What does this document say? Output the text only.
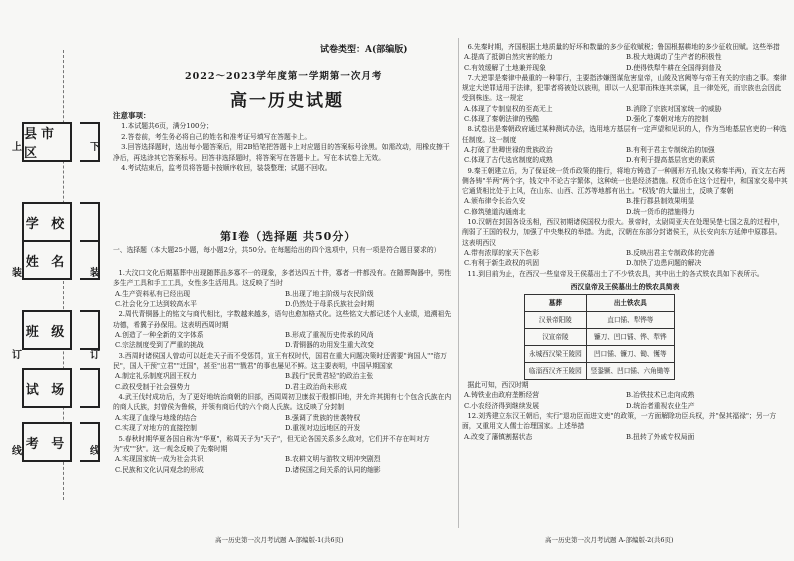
上	下
装	装
订	订
线	线
县市区
学 校
姓 名
班 级
试 场
考 号
试卷类型：A(部编版)
2022～2023学年度第一学期第一次月考
高一历史试题
注意事项：

1.本试题共6页，满分100分；

2.答卷前，考生务必将自己的姓名和准考证号填写在答题卡上。

3.回答选择题时，选出每小题答案后，用2B铅笔把答题卡上对应题目的答案标号涂黑。如需改动，用橡皮擦干净后，再选涂其它答案标号。回答非选择题时，将答案写在答题卡上。写在本试卷上无效。

4.考试结束后，监考员将答题卡按顺序收回，装袋整理；试题不回收。

第Ⅰ卷（选择题 共50分）
一、选择题（本大题25小题，每小题2分，共50分。在每题给出的四个选项中，只有一项是符合题目要求的）

1.大汶口文化后期墓葬中出现随葬品多寡不一的现象，多者达四五十件，寡者一件都没有。在随葬陶器中，男性多生产工具和手工工具，女性多生活用具。这反映了当时

A.生产资料私有已经出现	B.出现了地主阶级与农民阶级
C.社会化分工达到较高水平	D.仍然处于母系氏族社会时期

2.周代青铜器上的铭文与商代相比，字数越来越多，语句也愈加格式化。这些铭文大都记述个人业绩，追溯祖先功德，希冀子孙保用。这表明西周时期

A.创造了一种全新的文字体系	B.形成了重视历史传承的风尚
C.宗法制度受到了严重的挑战	D.青铜器的功用发生重大改变

3.西周时诸侯国人曾动可以赶走天子而不受惩罚，宣王有权时代，国君在重大问题决策时还需要"询国人""谘万民"，国人干预"立君""迁国"，甚至"出君""戮君"的事也屡见不鲜。这主要表明，中国早期国家

A.制定礼乐制度巩固王权力	B.践行"民贵君轻"的政治主张
C.政权受制于社会强势力	D.君主政治尚未形成

4.武王伐纣成功后，为了更好地统治商朝的旧部，西周周初卫康叔于殷都旧地，并允许其拥有七个包含氏族在内的商人氏族，封曾侯为鲁候，并领有商后代的六个商人氏族。这反映了分封制

A.实现了血缘与地缘的结合	B.强调了贵族的世袭特权
C.实现了对地方的直接控制	D.重视对边远地区的开发

5.春秋时期华夏各国自称为"华夏"，称周天子为"天子"，但无论各国关系多么敌对，它们并不存在叫对方为"戎""狄"。这一观念反映了先秦时期

A.实现国家统一成为社会共识	B.农耕文明与游牧文明冲突剧烈
C.民族和文化认同观念的形成	D.诸侯国之间关系的认同的缩影

6.先秦时期，齐国根据土地质量的好坏和数量的多少征收赋税；鲁国根据耕地的多少征收田赋。这些举措

A.提高了抵御自然灾害的能力	B.极大地调动了生产者的积极性
C.有效缓解了土地兼并现象	D.使得铁犁牛耕在全国得到普及

7.大逆罪是秦律中最重的一种罪行，主要指涉嫌图谋危害皇帝，山陵及宫阙等与帝王有关的宗庙之事。秦律规定大逆罪适用于法律，犯罪者将被处以族刑，即以一人犯罪而株连其亲属，且一律处死，而宗族也会因此受到株连。这一规定

A.体现了专制皇权的至高无上	B.消除了宗族对国家统一的威胁
C.体现了秦朝法律的残酷	D.强化了秦朝对地方的控制

8.试卷出是秦朝政府通过某种测试办法，选用地方基层有一定声望和见识的人，作为当地基层官吏的一种选任制度。这一制度

A.打破了世卿世禄的贵族政治	B.有利于君主专制统治的加强
C.体现了古代选官制度的成熟	D.有利于提高基层官吏的素质

9.秦王朝建立后，为了保证统一货币政策的推行，将地方铸造了一种圆形方孔钱(又称秦半两)，而文左右两侧各铸"半两"两个字，钱文中不论古字繁体，这种统一也是经济措施。权货币在这个过程中，和国家交易中其它通货相比处于上风，在山东、山西、江苏等地都有出土。"权钱"的大量出土，反映了秦朝

A.颁布律令长治久安	B.推行郡县制效果明显
C.修筑驰道沟通南北	D.统一货币的措施得力

10.汉朝在封国各设丞相，西汉初期诸侯国权力很大。景帝时，太尉周亚夫在处理吴楚七国之乱的过程中，削弱了王国的权力，加强了中央集权的举措。为此，汉朝在东部分封诸侯王，从长安向东方延伸中原郡县。这表明西汉

A.带有浓厚的家天下色彩	B.反映出君主专制政体的完善
C.有利于新生政权的巩固	D.加快了边患问题的解决

11.到目前为止，在西汉一些皇帝及王侯墓出土了不少铁农具，其中出土的各式铁农具如下表所示。

西汉皇帝及王侯墓出土的铁农具简表
墓葬	出土铁农具
汉景帝阳陵	直口锸、犁铧等
汉宣帝陵	镰刀、凹口锸、铧、犁铧
永城西汉梁王陵园	凹口锸、镰刀、锄、镬等
临淄西汉齐王陵园	竖銎镢、凹口锸、六角锄等

据此可知，西汉时期

A.铸铁业由政府垄断经营	B.冶铁技术已走向成熟
C.小农经济得到继续发展	D.统治者重视农业生产

12.刘秀建立东汉王朝后，实行"退功臣而进文吏"的政策，一方面解除功臣兵权，并"保其福禄"；另一方面，又重用文人儒士治理国家。上述举措

A.改变了藩镇割据状态	B.扭转了外戚专权局面
高一历史第一次月考试题 A-部编版-1(共6页)	高一历史第一次月考试题 A-部编版-2(共6页)
